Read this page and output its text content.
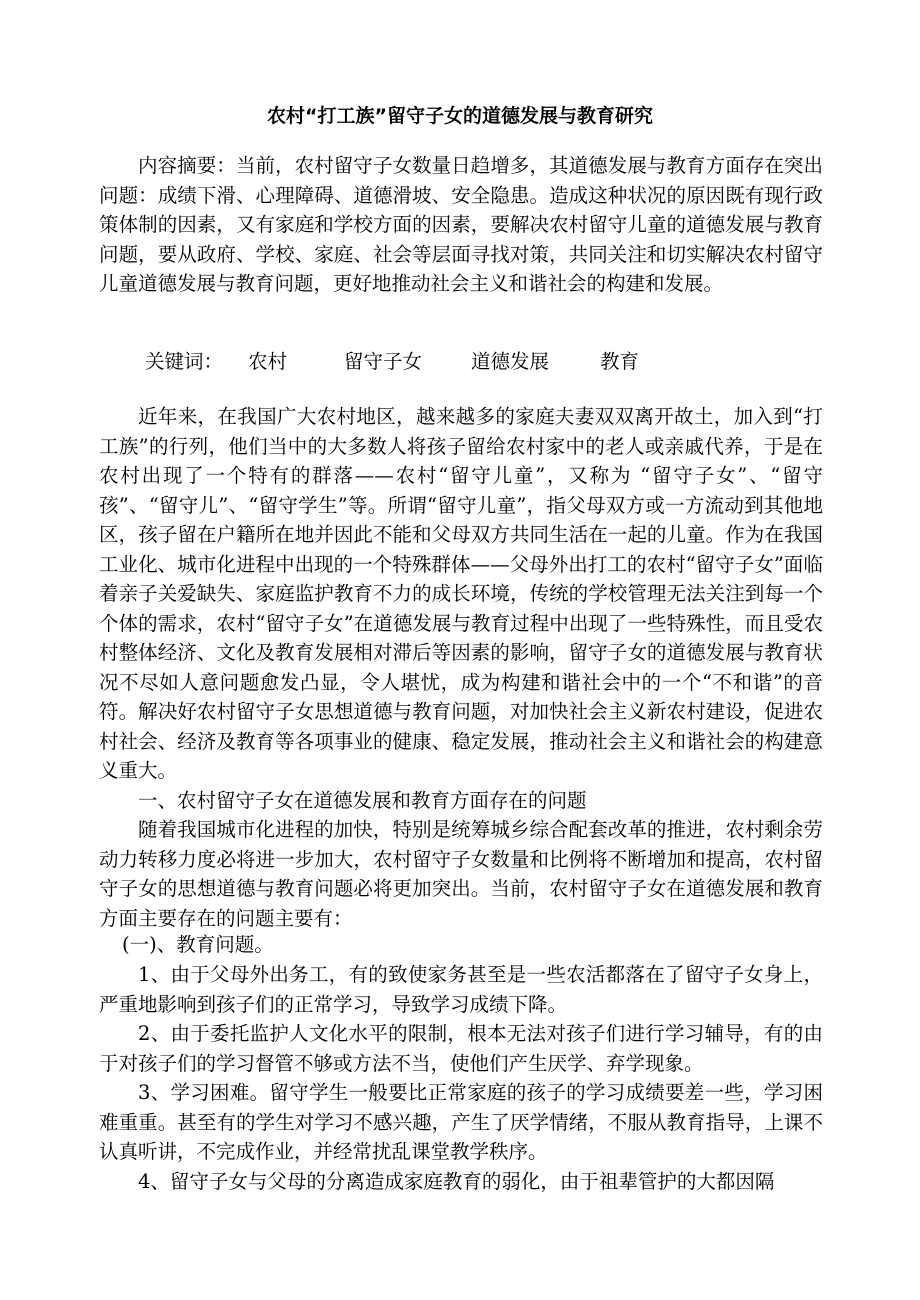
农村“打工族”留守子女的道德发展与教育研究

内容摘要：当前，农村留守子女数量日趋增多，其道德发展与教育方面存在突出问题：成绩下滑、心理障碍、道德滑坡、安全隐患。造成这种状况的原因既有现行政策体制的因素，又有家庭和学校方面的因素，要解决农村留守儿童的道德发展与教育问题，要从政府、学校、家庭、社会等层面寻找对策，共同关注和切实解决农村留守儿童道德发展与教育问题，更好地推动社会主义和谐社会的构建和发展。

关键词：	农村	留守子女	道德发展	教育

近年来，在我国广大农村地区，越来越多的家庭夫妻双双离开故土，加入到“打工族”的行列，他们当中的大多数人将孩子留给农村家中的老人或亲戚代养，于是在农村出现了一个特有的群落——农村“留守儿童”，又称为 “留守子女”、“留守孩”、“留守儿”、“留守学生”等。所谓“留守儿童”，指父母双方或一方流动到其他地区，孩子留在户籍所在地并因此不能和父母双方共同生活在一起的儿童。作为在我国工业化、城市化进程中出现的一个特殊群体——父母外出打工的农村“留守子女”面临着亲子关爱缺失、家庭监护教育不力的成长环境，传统的学校管理无法关注到每一个个体的需求，农村“留守子女”在道德发展与教育过程中出现了一些特殊性，而且受农村整体经济、文化及教育发展相对滞后等因素的影响，留守子女的道德发展与教育状况不尽如人意问题愈发凸显，令人堪忧，成为构建和谐社会中的一个“不和谐”的音符。解决好农村留守子女思想道德与教育问题，对加快社会主义新农村建设，促进农村社会、经济及教育等各项事业的健康、稳定发展，推动社会主义和谐社会的构建意义重大。

一、农村留守子女在道德发展和教育方面存在的问题

随着我国城市化进程的加快，特别是统筹城乡综合配套改革的推进，农村剩余劳动力转移力度必将进一步加大，农村留守子女数量和比例将不断增加和提高，农村留守子女的思想道德与教育问题必将更加突出。当前，农村留守子女在道德发展和教育方面主要存在的问题主要有：

(一)、教育问题。

1、由于父母外出务工，有的致使家务甚至是一些农活都落在了留守子女身上，严重地影响到孩子们的正常学习，导致学习成绩下降。

2、由于委托监护人文化水平的限制，根本无法对孩子们进行学习辅导，有的由于对孩子们的学习督管不够或方法不当，使他们产生厌学、弃学现象。

3、学习困难。留守学生一般要比正常家庭的孩子的学习成绩要差一些，学习困难重重。甚至有的学生对学习不感兴趣，产生了厌学情绪，不服从教育指导，上课不认真听讲，不完成作业，并经常扰乱课堂教学秩序。

4、留守子女与父母的分离造成家庭教育的弱化，由于祖辈管护的大都因隔
